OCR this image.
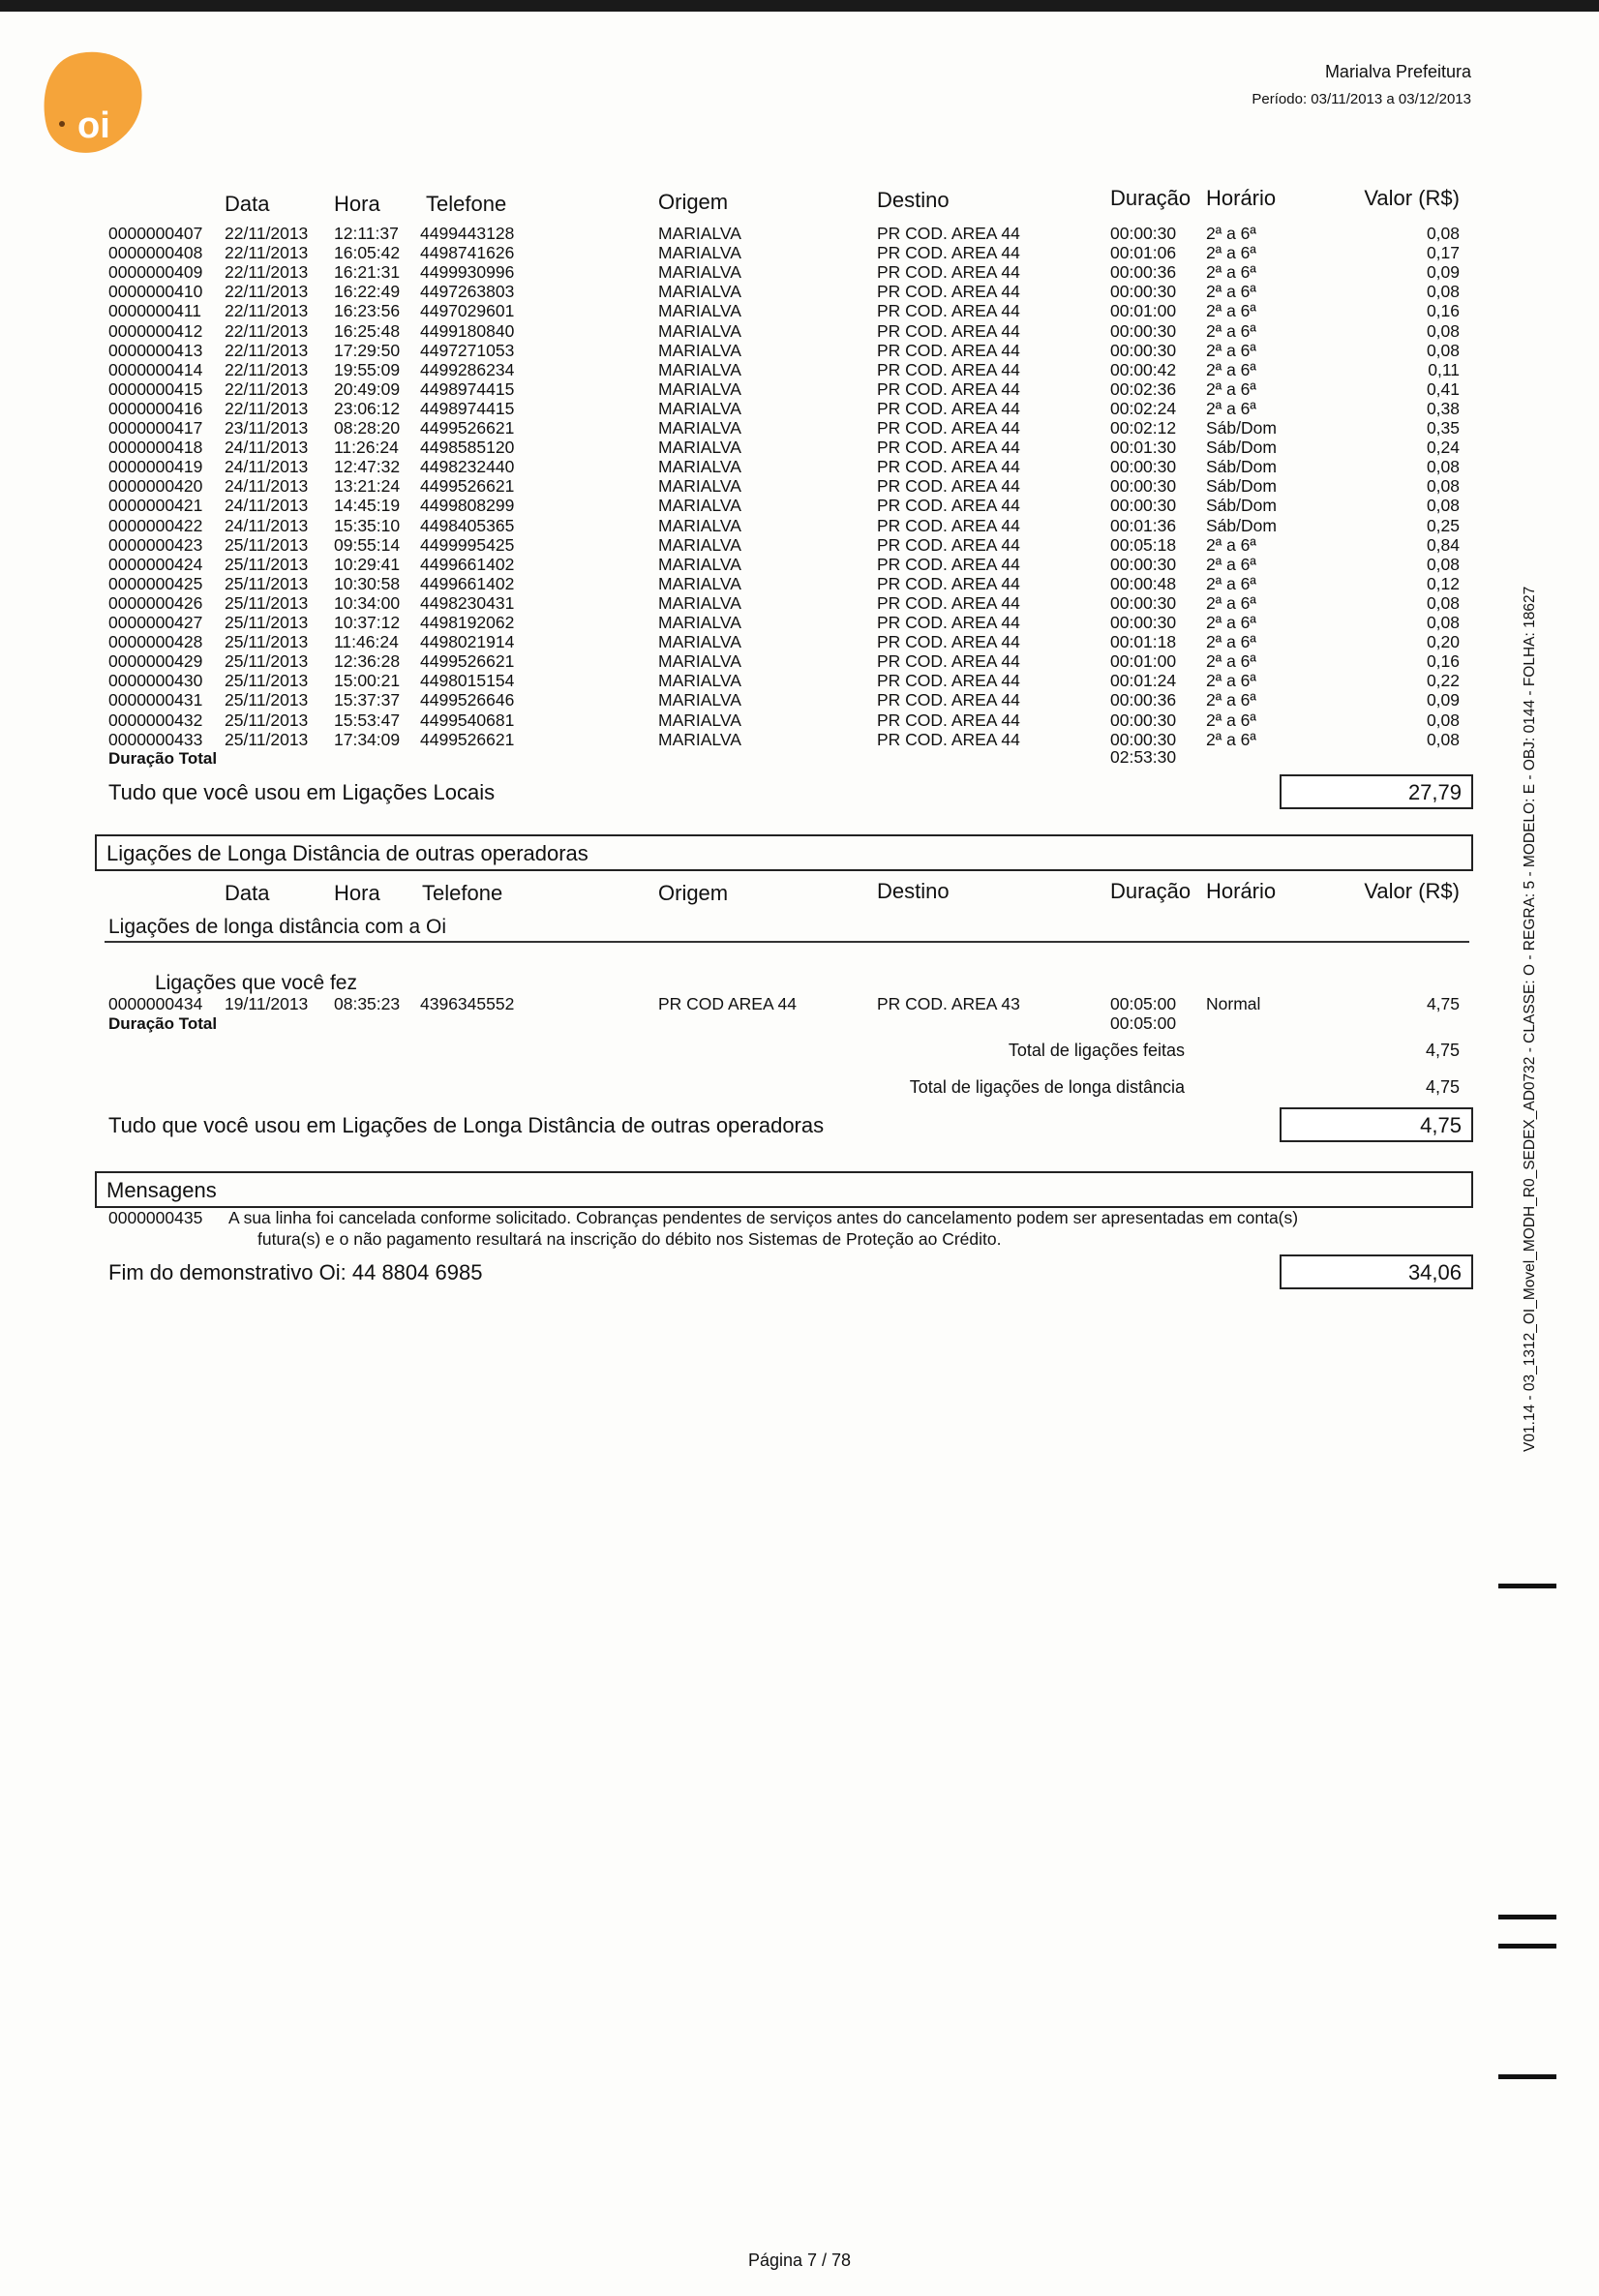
oi
Marialva Prefeitura
Período: 03/11/2013 a 03/12/2013
Data	Hora Telefone	Origem	Destino	Duração Horário	Valor (R$)
0000000407 22/11/2013 12:11:37 4499443128	MARIALVA	PR COD. AREA 44	00:00:30 2ª a 6ª	0,08
0000000408 22/11/2013 16:05:42 4498741626	MARIALVA	PR COD. AREA 44	00:01:06 2ª a 6ª	0,17
0000000409 22/11/2013 16:21:31 4499930996	MARIALVA	PR COD. AREA 44	00:00:36 2ª a 6ª	0,09
0000000410 22/11/2013 16:22:49 4497263803	MARIALVA	PR COD. AREA 44	00:00:30 2ª a 6ª	0,08
0000000411 22/11/2013 16:23:56 4497029601	MARIALVA	PR COD. AREA 44	00:01:00 2ª a 6ª	0,16
0000000412 22/11/2013 16:25:48 4499180840	MARIALVA	PR COD. AREA 44	00:00:30 2ª a 6ª	0,08
0000000413 22/11/2013 17:29:50 4497271053	MARIALVA	PR COD. AREA 44	00:00:30 2ª a 6ª	0,08
0000000414 22/11/2013 19:55:09 4499286234	MARIALVA	PR COD. AREA 44	00:00:42 2ª a 6ª	0,11
0000000415 22/11/2013 20:49:09 4498974415	MARIALVA	PR COD. AREA 44	00:02:36 2ª a 6ª	0,41
0000000416 22/11/2013 23:06:12 4498974415	MARIALVA	PR COD. AREA 44	00:02:24 2ª a 6ª	0,38
0000000417 23/11/2013 08:28:20 4499526621	MARIALVA	PR COD. AREA 44	00:02:12 Sáb/Dom	0,35
0000000418 24/11/2013 11:26:24 4498585120	MARIALVA	PR COD. AREA 44	00:01:30 Sáb/Dom	0,24
0000000419 24/11/2013 12:47:32 4498232440	MARIALVA	PR COD. AREA 44	00:00:30 Sáb/Dom	0,08
0000000420 24/11/2013 13:21:24 4499526621	MARIALVA	PR COD. AREA 44	00:00:30 Sáb/Dom	0,08
0000000421 24/11/2013 14:45:19 4499808299	MARIALVA	PR COD. AREA 44	00:00:30 Sáb/Dom	0,08
0000000422 24/11/2013 15:35:10 4498405365	MARIALVA	PR COD. AREA 44	00:01:36 Sáb/Dom	0,25
0000000423 25/11/2013 09:55:14 4499995425	MARIALVA	PR COD. AREA 44	00:05:18 2ª a 6ª	0,84
0000000424 25/11/2013 10:29:41 4499661402	MARIALVA	PR COD. AREA 44	00:00:30 2ª a 6ª	0,08
0000000425 25/11/2013 10:30:58 4499661402	MARIALVA	PR COD. AREA 44	00:00:48 2ª a 6ª	0,12
0000000426 25/11/2013 10:34:00 4498230431	MARIALVA	PR COD. AREA 44	00:00:30 2ª a 6ª	0,08
0000000427 25/11/2013 10:37:12 4498192062	MARIALVA	PR COD. AREA 44	00:00:30 2ª a 6ª	0,08
0000000428 25/11/2013 11:46:24 4498021914	MARIALVA	PR COD. AREA 44	00:01:18 2ª a 6ª	0,20
0000000429 25/11/2013 12:36:28 4499526621	MARIALVA	PR COD. AREA 44	00:01:00 2ª a 6ª	0,16
0000000430 25/11/2013 15:00:21 4498015154	MARIALVA	PR COD. AREA 44	00:01:24 2ª a 6ª	0,22
0000000431 25/11/2013 15:37:37 4499526646	MARIALVA	PR COD. AREA 44	00:00:36 2ª a 6ª	0,09
0000000432 25/11/2013 15:53:47 4499540681	MARIALVA	PR COD. AREA 44	00:00:30 2ª a 6ª	0,08
0000000433 25/11/2013 17:34:09 4499526621	MARIALVA	PR COD. AREA 44	00:00:30 2ª a 6ª	0,08
Duração Total	02:53:30
Tudo que você usou em Ligações Locais	27,79
Ligações de Longa Distância de outras operadoras
Data	Hora Telefone	Origem	Destino	Duração Horário	Valor (R$)
Ligações de longa distância com a Oi
Ligações que você fez
0000000434 19/11/2013 08:35:23 4396345552	PR COD AREA 44	PR COD. AREA 43	00:05:00 Normal	4,75
Duração Total	00:05:00
Total de ligações feitas	4,75
Total de ligações de longa distância	4,75
Tudo que você usou em Ligações de Longa Distância de outras operadoras	4,75
Mensagens
0000000435 A sua linha foi cancelada conforme solicitado. Cobranças pendentes de serviços antes do cancelamento podem ser apresentadas em conta(s)
futura(s) e o não pagamento resultará na inscrição do débito nos Sistemas de Proteção ao Crédito.
Fim do demonstrativo Oi: 44 8804 6985	34,06	V01.14 - 03_1312_OI_Movel_MODH_R0_SEDEX_AD0732 - CLASSE: O - REGRA: 5 - MODELO: E - OBJ: 0144 - FOLHA: 18627
Página 7 / 78
